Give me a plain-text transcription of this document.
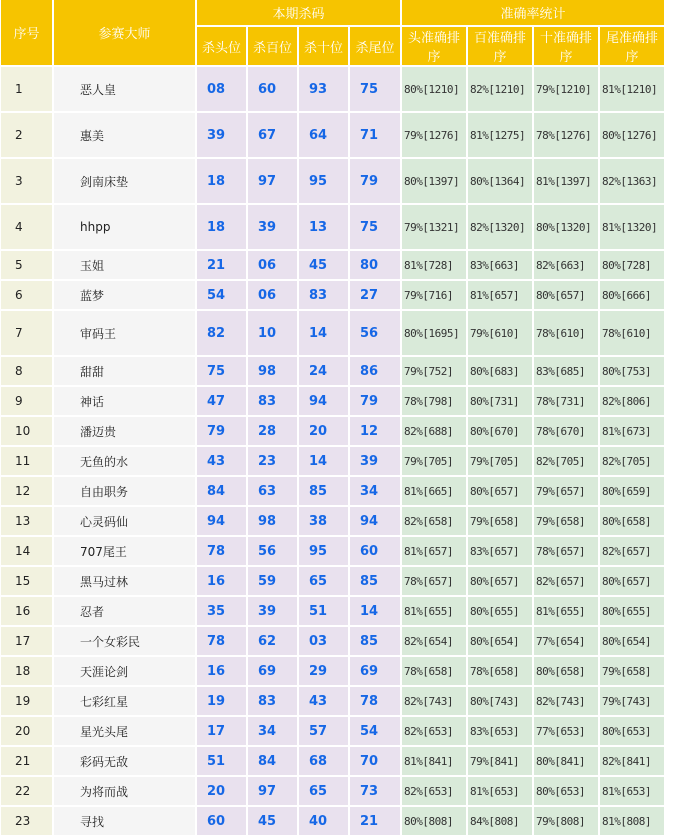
序号	参赛大师	本期杀码				准确率统计			
		杀头位	杀百位	杀十位	杀尾位	头准确排序	百准确排序	十准确排序	尾准确排序
1	恶人皇	08	60	93	75	80%[1210]	82%[1210]	79%[1210]	81%[1210]
2	惠美	39	67	64	71	79%[1276]	81%[1275]	78%[1276]	80%[1276]
3	剑南床垫	18	97	95	79	80%[1397]	80%[1364]	81%[1397]	82%[1363]
4	hhpp	18	39	13	75	79%[1321]	82%[1320]	80%[1320]	81%[1320]
5	玉姐	21	06	45	80	81%[728]	83%[663]	82%[663]	80%[728]
6	蓝梦	54	06	83	27	79%[716]	81%[657]	80%[657]	80%[666]
7	审码王	82	10	14	56	80%[1695]	79%[610]	78%[610]	78%[610]
8	甜甜	75	98	24	86	79%[752]	80%[683]	83%[685]	80%[753]
9	神话	47	83	94	79	78%[798]	80%[731]	78%[731]	82%[806]
10	潘迈贵	79	28	20	12	82%[688]	80%[670]	78%[670]	81%[673]
11	无鱼的水	43	23	14	39	79%[705]	79%[705]	82%[705]	82%[705]
12	自由职务	84	63	85	34	81%[665]	80%[657]	79%[657]	80%[659]
13	心灵码仙	94	98	38	94	82%[658]	79%[658]	79%[658]	80%[658]
14	707尾王	78	56	95	60	81%[657]	83%[657]	78%[657]	82%[657]
15	黑马过林	16	59	65	85	78%[657]	80%[657]	82%[657]	80%[657]
16	忍者	35	39	51	14	81%[655]	80%[655]	81%[655]	80%[655]
17	一个女彩民	78	62	03	85	82%[654]	80%[654]	77%[654]	80%[654]
18	天涯论剑	16	69	29	69	78%[658]	78%[658]	80%[658]	79%[658]
19	七彩红星	19	83	43	78	82%[743]	80%[743]	82%[743]	79%[743]
20	星光头尾	17	34	57	54	82%[653]	83%[653]	77%[653]	80%[653]
21	彩码无敌	51	84	68	70	81%[841]	79%[841]	80%[841]	82%[841]
22	为将而战	20	97	65	73	82%[653]	81%[653]	80%[653]	81%[653]
23	寻找	60	45	40	21	80%[808]	84%[808]	79%[808]	81%[808]
